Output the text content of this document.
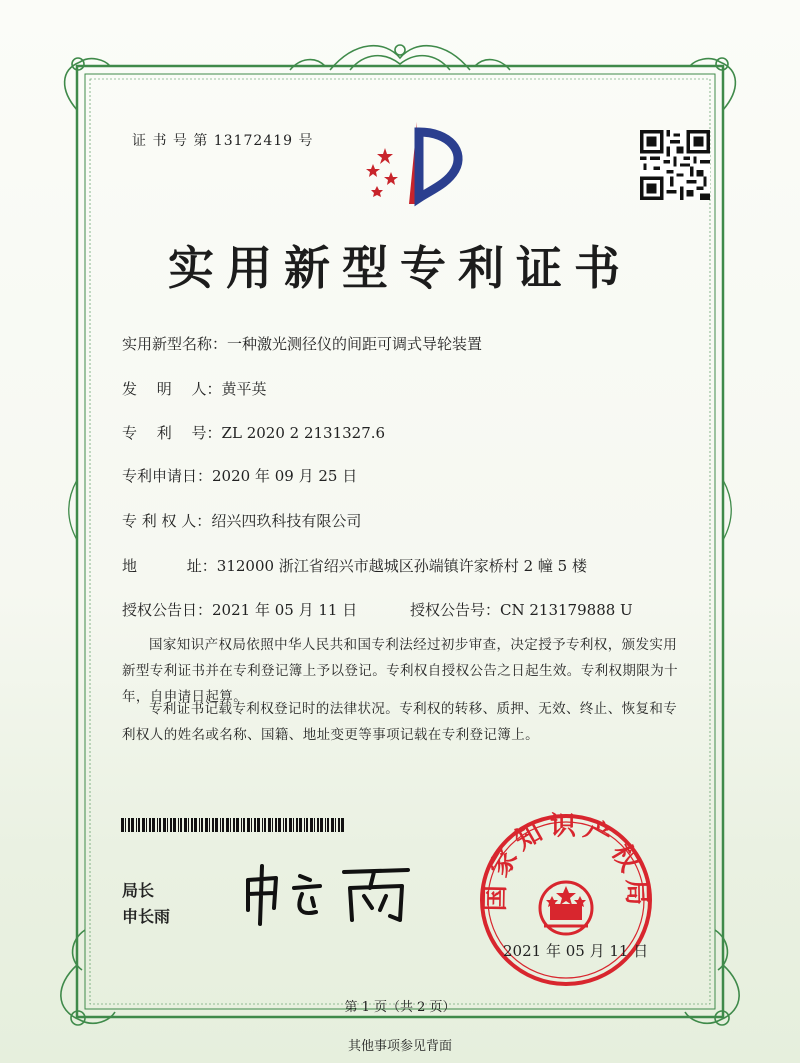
证 书 号 第 13172419 号
实用新型专利证书
实用新型名称：一种激光测径仪的间距可调式导轮装置
发　 明　 人：黄平英
专　 利　 号：ZL 2020 2 2131327.6
专利申请日：2020 年 09 月 25 日
专 利 权 人：绍兴四玖科技有限公司
地　　　 址：312000 浙江省绍兴市越城区孙端镇许家桥村 2 幢 5 楼
授权公告日：2021 年 05 月 11 日	授权公告号：CN 213179888 U
国家知识产权局依照中华人民共和国专利法经过初步审查，决定授予专利权，颁发实用新型专利证书并在专利登记簿上予以登记。专利权自授权公告之日起生效。专利权期限为十年，自申请日起算。
专利证书记载专利权登记时的法律状况。专利权的转移、质押、无效、终止、恢复和专利权人的姓名或名称、国籍、地址变更等事项记载在专利登记簿上。
局长
申长雨
国家知识产权局
2021 年 05 月 11 日
第 1 页（共 2 页）
其他事项参见背面
